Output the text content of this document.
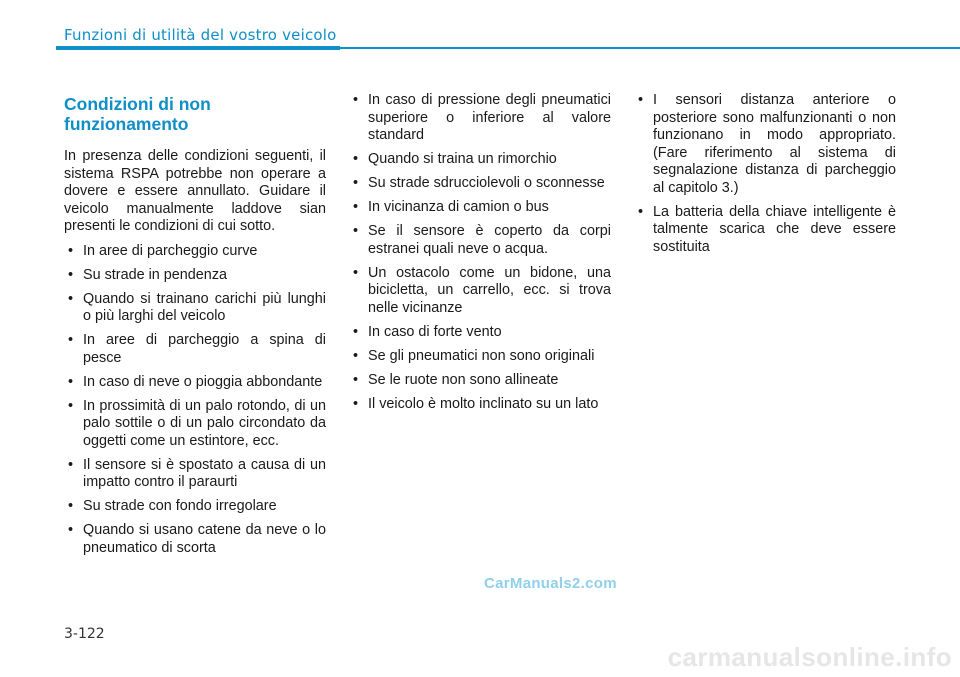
Funzioni di utilità del vostro veicolo
Condizioni di non funzionamento

In presenza delle condizioni seguenti, il sistema RSPA potrebbe non operare a dovere e essere annullato. Guidare il veicolo manualmente laddove sian presenti le condizioni di cui sotto.

• In aree di parcheggio curve
• Su strade in pendenza
• Quando si trainano carichi più lunghi o più larghi del veicolo
• In aree di parcheggio a spina di pesce
• In caso di neve o pioggia abbondante
• In prossimità di un palo rotondo, di un palo sottile o di un palo circondato da oggetti come un estintore, ecc.
• Il sensore si è spostato a causa di un impatto contro il paraurti
• Su strade con fondo irregolare
• Quando si usano catene da neve o lo pneumatico di scorta
• In caso di pressione degli pneumatici superiore o inferiore al valore standard
• Quando si traina un rimorchio
• Su strade sdrucciolevoli o sconnesse
• In vicinanza di camion o bus
• Se il sensore è coperto da corpi estranei quali neve o acqua.
• Un ostacolo come un bidone, una bicicletta, un carrello, ecc. si trova nelle vicinanze
• In caso di forte vento
• Se gli pneumatici non sono originali
• Se le ruote non sono allineate
• Il veicolo è molto inclinato su un lato
• I sensori distanza anteriore o posteriore sono malfunzionanti o non funzionano in modo appropriato. (Fare riferimento al sistema di segnalazione distanza di parcheggio al capitolo 3.)
• La batteria della chiave intelligente è talmente scarica che deve essere sostituita
CarManuals2.com
3-122
carmanualsonline.info
